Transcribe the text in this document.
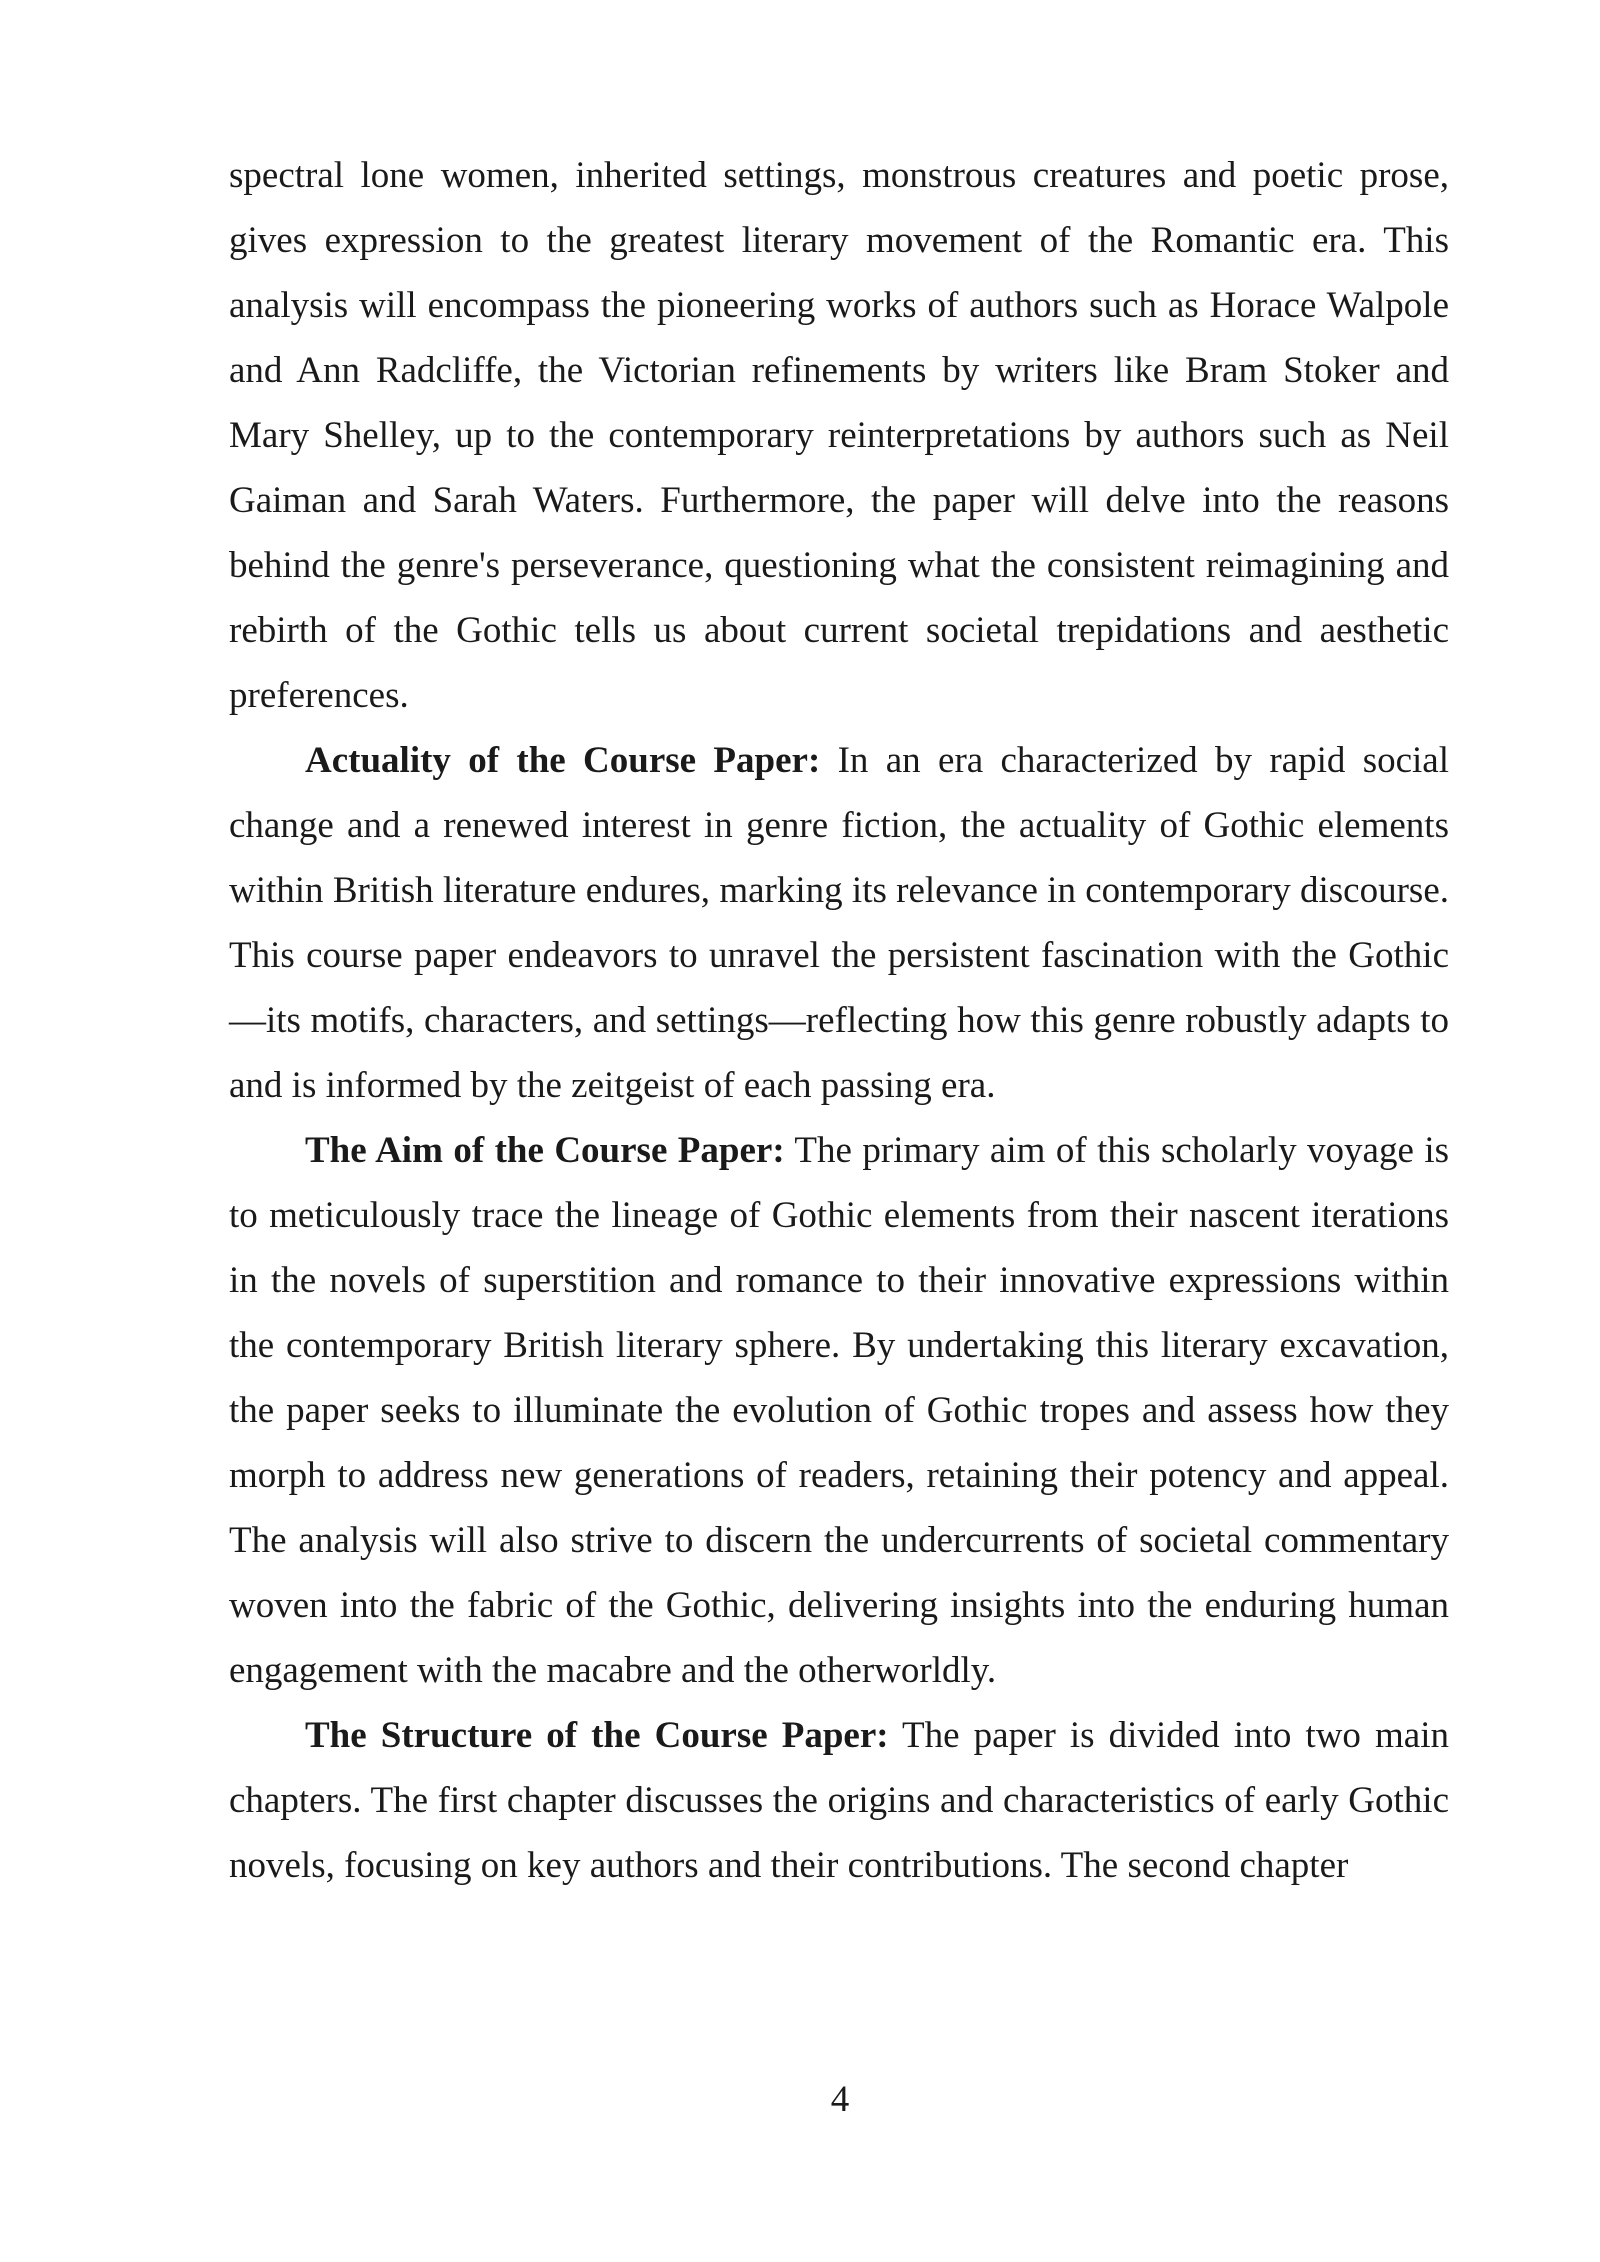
spectral lone women, inherited settings, monstrous creatures and poetic prose, gives expression to the greatest literary movement of the Romantic era. This analysis will encompass the pioneering works of authors such as Horace Walpole and Ann Radcliffe, the Victorian refinements by writers like Bram Stoker and Mary Shelley, up to the contemporary reinterpretations by authors such as Neil Gaiman and Sarah Waters. Furthermore, the paper will delve into the reasons behind the genre's perseverance, questioning what the consistent reimagining and rebirth of the Gothic tells us about current societal trepidations and aesthetic preferences.

Actuality of the Course Paper: In an era characterized by rapid social change and a renewed interest in genre fiction, the actuality of Gothic elements within British literature endures, marking its relevance in contemporary discourse. This course paper endeavors to unravel the persistent fascination with the Gothic—its motifs, characters, and settings—reflecting how this genre robustly adapts to and is informed by the zeitgeist of each passing era.

The Aim of the Course Paper: The primary aim of this scholarly voyage is to meticulously trace the lineage of Gothic elements from their nascent iterations in the novels of superstition and romance to their innovative expressions within the contemporary British literary sphere. By undertaking this literary excavation, the paper seeks to illuminate the evolution of Gothic tropes and assess how they morph to address new generations of readers, retaining their potency and appeal. The analysis will also strive to discern the undercurrents of societal commentary woven into the fabric of the Gothic, delivering insights into the enduring human engagement with the macabre and the otherworldly.

The Structure of the Course Paper: The paper is divided into two main chapters. The first chapter discusses the origins and characteristics of early Gothic novels, focusing on key authors and their contributions. The second chapter

4
